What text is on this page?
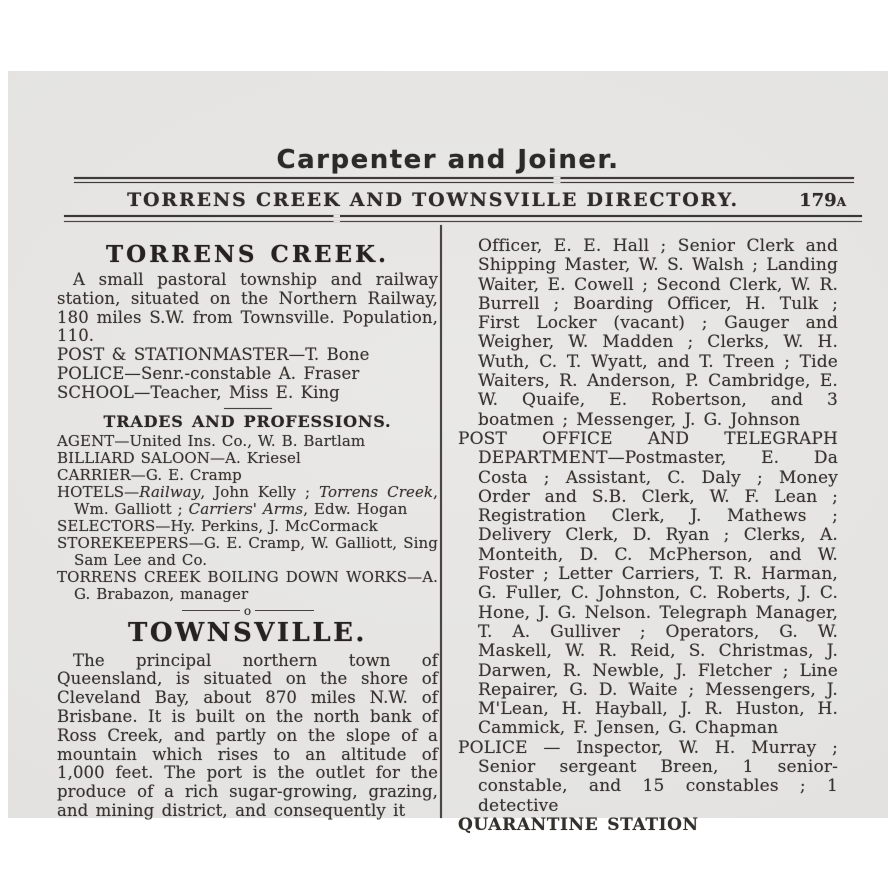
Carpenter and Joiner.
TORRENS CREEK AND TOWNSVILLE DIRECTORY.	179A
TORRENS CREEK.

A small pastoral township and railway station, situated on the Northern Railway, 180 miles S.W. from Townsville. Population, 110.

POST & STATIONMASTER—T. Bone
POLICE—Senr.-constable A. Fraser
SCHOOL—Teacher, Miss E. King
TRADES AND PROFESSIONS.
AGENT—United Ins. Co., W. B. Bartlam
BILLIARD SALOON—A. Kriesel
CARRIER—G. E. Cramp
HOTELS—Railway, John Kelly ; Torrens Creek, Wm. Galliott ; Carriers' Arms, Edw. Hogan
SELECTORS—Hy. Perkins, J. McCormack
STOREKEEPERS—G. E. Cramp, W. Galliott, Sing Sam Lee and Co.
TORRENS CREEK BOILING DOWN WORKS—A. G. Brabazon, manager
o
TOWNSVILLE.

The principal northern town of Queensland, is situated on the shore of Cleveland Bay, about 870 miles N.W. of Brisbane. It is built on the north bank of Ross Creek, and partly on the slope of a mountain which rises to an altitude of 1,000 feet. The port is the outlet for the produce of a rich sugar-growing, grazing, and mining district, and consequently it

Officer, E. E. Hall ; Senior Clerk and Shipping Master, W. S. Walsh ; Landing Waiter, E. Cowell ; Second Clerk, W. R. Burrell ; Boarding Officer, H. Tulk ; First Locker (vacant) ; Gauger and Weigher, W. Madden ; Clerks, W. H. Wuth, C. T. Wyatt, and T. Treen ; Tide Waiters, R. Anderson, P. Cambridge, E. W. Quaife, E. Robertson, and 3 boatmen ; Messenger, J. G. Johnson

POST OFFICE AND TELEGRAPH DEPARTMENT—Postmaster, E. Da Costa ; Assistant, C. Daly ; Money Order and S.B. Clerk, W. F. Lean ; Registration Clerk, J. Mathews ; Delivery Clerk, D. Ryan ; Clerks, A. Monteith, D. C. McPherson, and W. Foster ; Letter Carriers, T. R. Harman, G. Fuller, C. Johnston, C. Roberts, J. C. Hone, J. G. Nelson. Telegraph Manager, T. A. Gulliver ; Operators, G. W. Maskell, W. R. Reid, S. Christmas, J. Darwen, R. Newble, J. Fletcher ; Line Repairer, G. D. Waite ; Messengers, J. M'Lean, H. Hayball, J. R. Huston, H. Cammick, F. Jensen, G. Chapman
POLICE — Inspector, W. H. Murray ; Senior sergeant Breen, 1 senior-constable, and 15 constables ; 1 detective
QUARANTINE STATION
